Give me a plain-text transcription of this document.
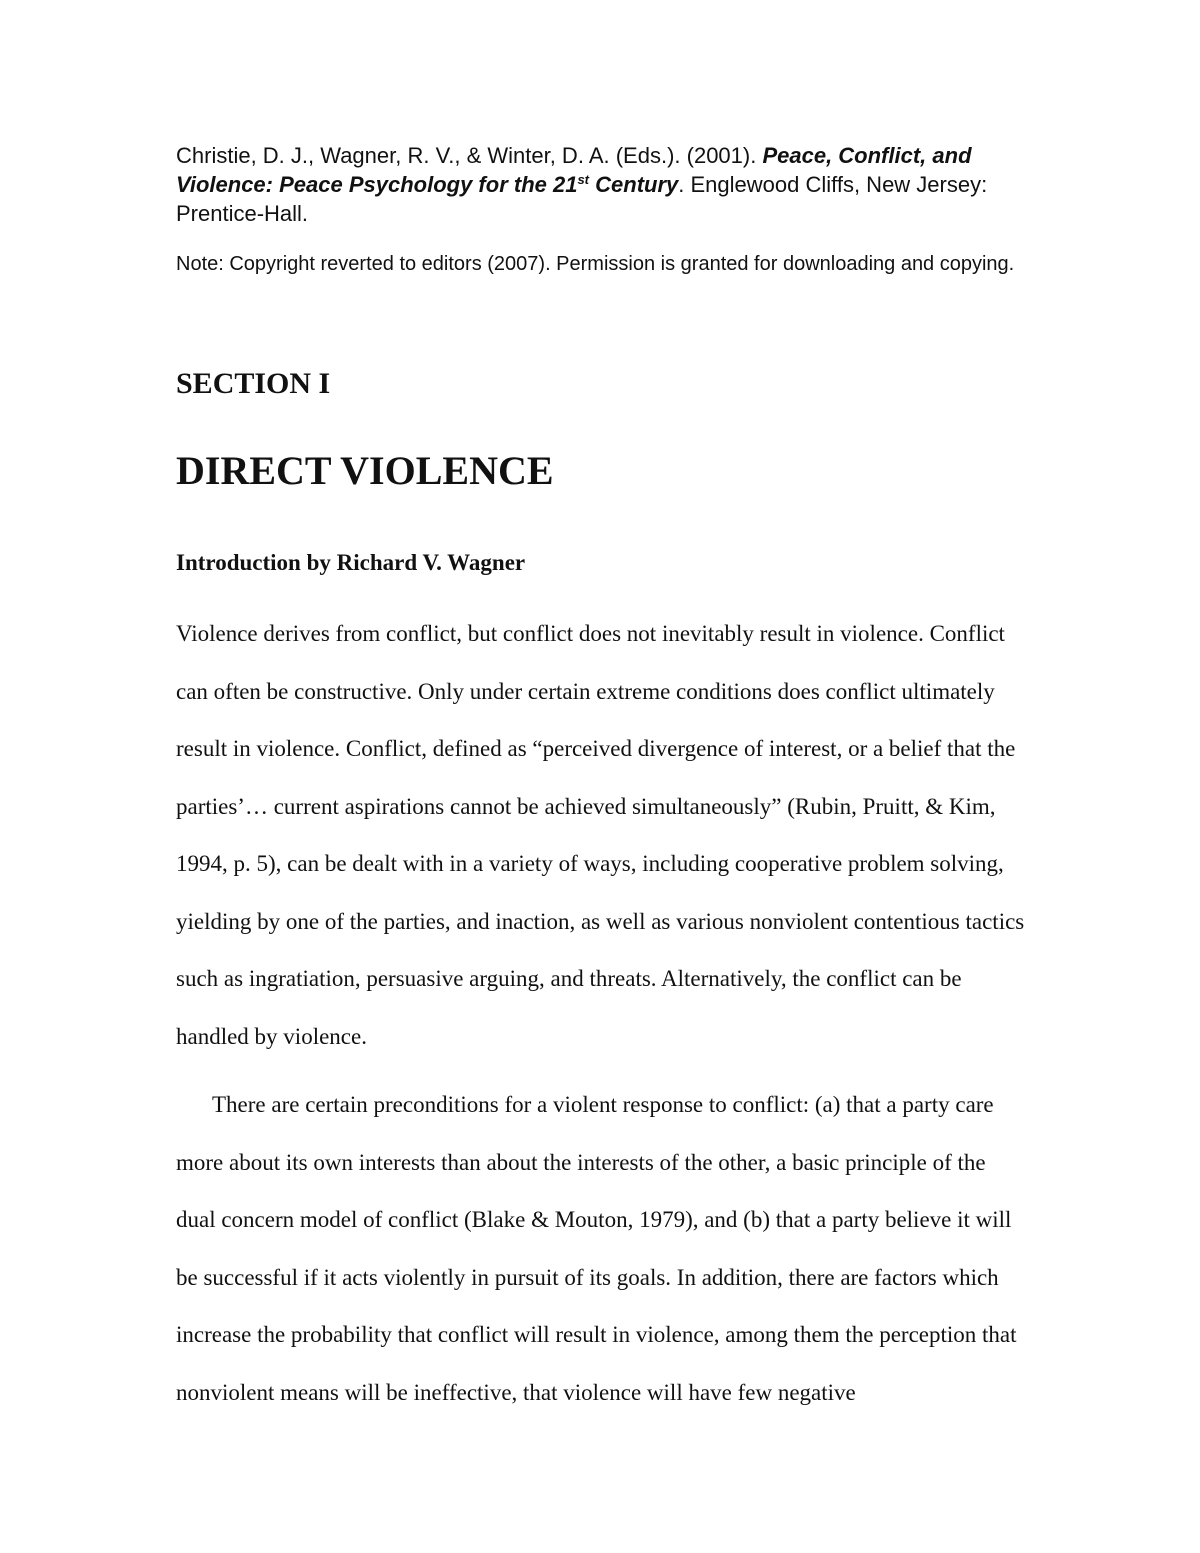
Christie, D. J., Wagner, R. V., & Winter, D. A. (Eds.). (2001). Peace, Conflict, and Violence: Peace Psychology for the 21st Century. Englewood Cliffs, New Jersey: Prentice-Hall.
Note: Copyright reverted to editors (2007). Permission is granted for downloading and copying.
SECTION I
DIRECT VIOLENCE
Introduction by Richard V. Wagner

Violence derives from conflict, but conflict does not inevitably result in violence. Conflict can often be constructive. Only under certain extreme conditions does conflict ultimately result in violence. Conflict, defined as “perceived divergence of interest, or a belief that the parties’… current aspirations cannot be achieved simultaneously” (Rubin, Pruitt, & Kim, 1994, p. 5), can be dealt with in a variety of ways, including cooperative problem solving, yielding by one of the parties, and inaction, as well as various nonviolent contentious tactics such as ingratiation, persuasive arguing, and threats. Alternatively, the conflict can be handled by violence.

There are certain preconditions for a violent response to conflict: (a) that a party care more about its own interests than about the interests of the other, a basic principle of the dual concern model of conflict (Blake & Mouton, 1979), and (b) that a party believe it will be successful if it acts violently in pursuit of its goals. In addition, there are factors which increase the probability that conflict will result in violence, among them the perception that nonviolent means will be ineffective, that violence will have few negative
